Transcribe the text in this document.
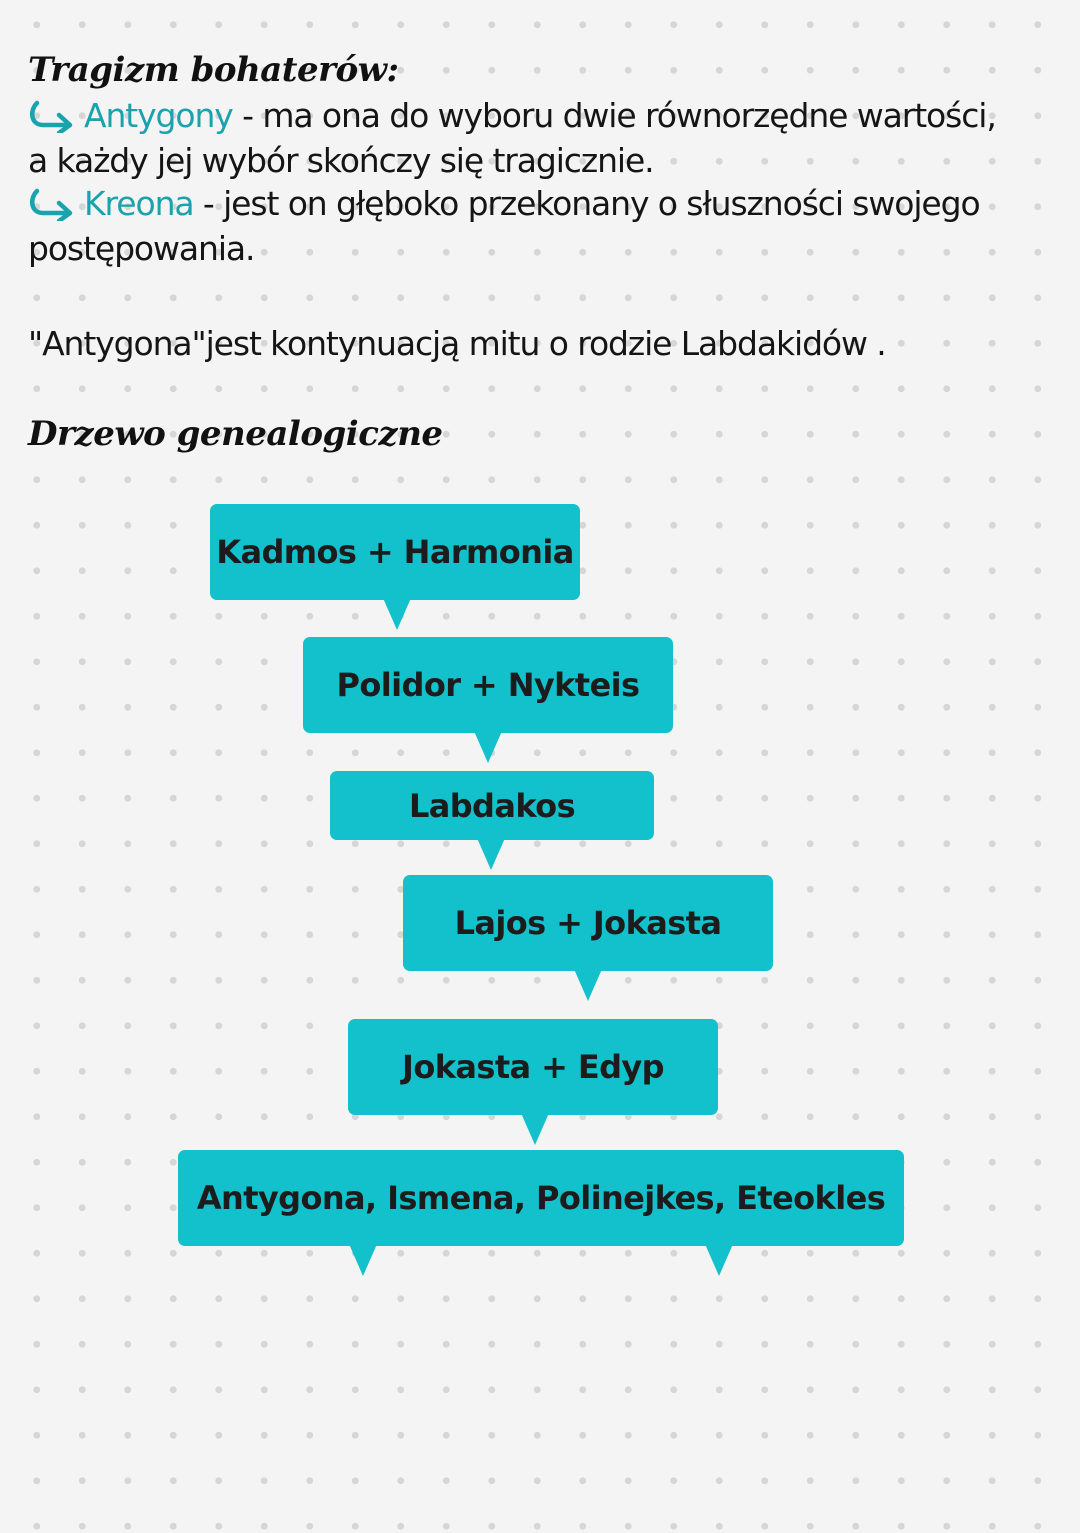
Tragizm bohaterów:
Antygony - ma ona do wyboru dwie równorzędne wartości,
a każdy jej wybór skończy się tragicznie.
Kreona - jest on głęboko przekonany o słuszności swojego
postępowania.
"Antygona"jest kontynuacją mitu o rodzie Labdakidów .
Drzewo genealogiczne
Kadmos + Harmonia
Polidor + Nykteis
Labdakos
Lajos + Jokasta
Jokasta + Edyp
Antygona, Ismena, Polinejkes, Eteokles
